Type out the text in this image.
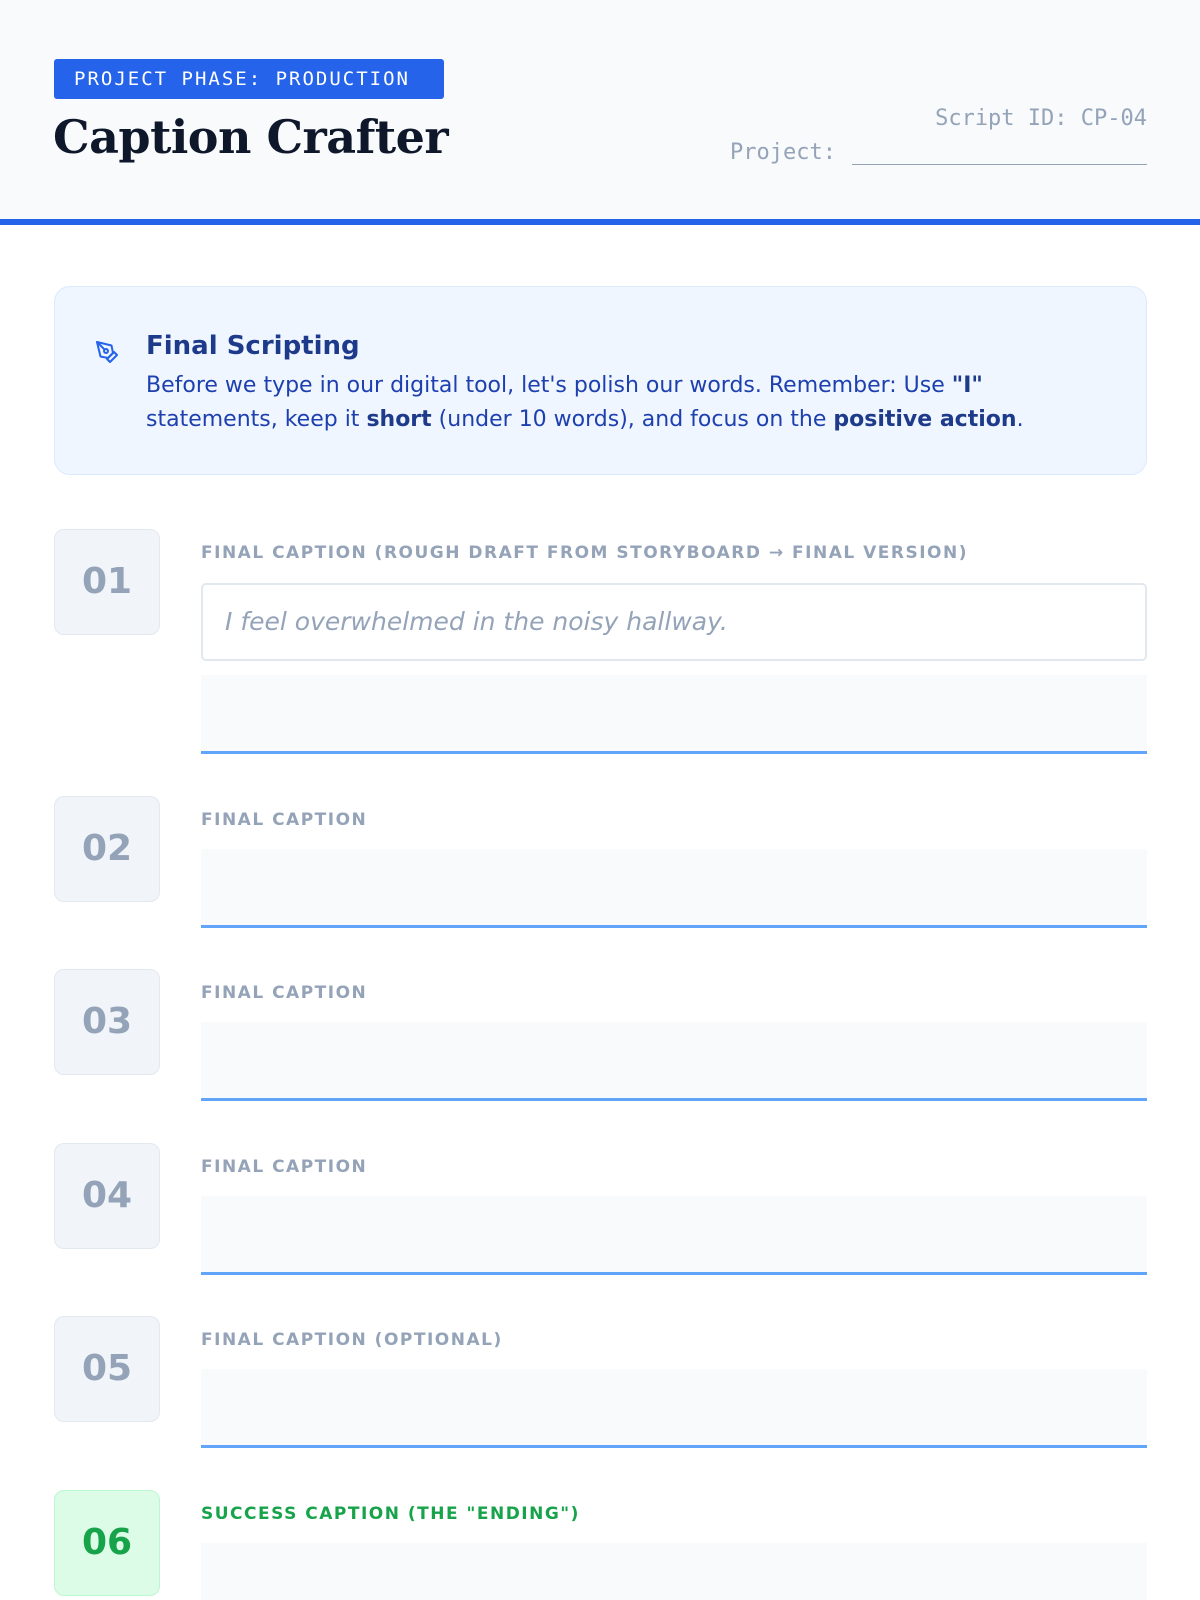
PROJECT PHASE: PRODUCTION
Caption Crafter	Script ID: CP-04
Project:
Final Scripting
Before we type in our digital tool, let's polish our words. Remember: Use "I" statements, keep it short (under 10 words), and focus on the positive action.
01
FINAL CAPTION (ROUGH DRAFT FROM STORYBOARD → FINAL VERSION)
I feel overwhelmed in the noisy hallway.
02
FINAL CAPTION
03
FINAL CAPTION
04
FINAL CAPTION
05
FINAL CAPTION (OPTIONAL)
06
SUCCESS CAPTION (THE "ENDING")
